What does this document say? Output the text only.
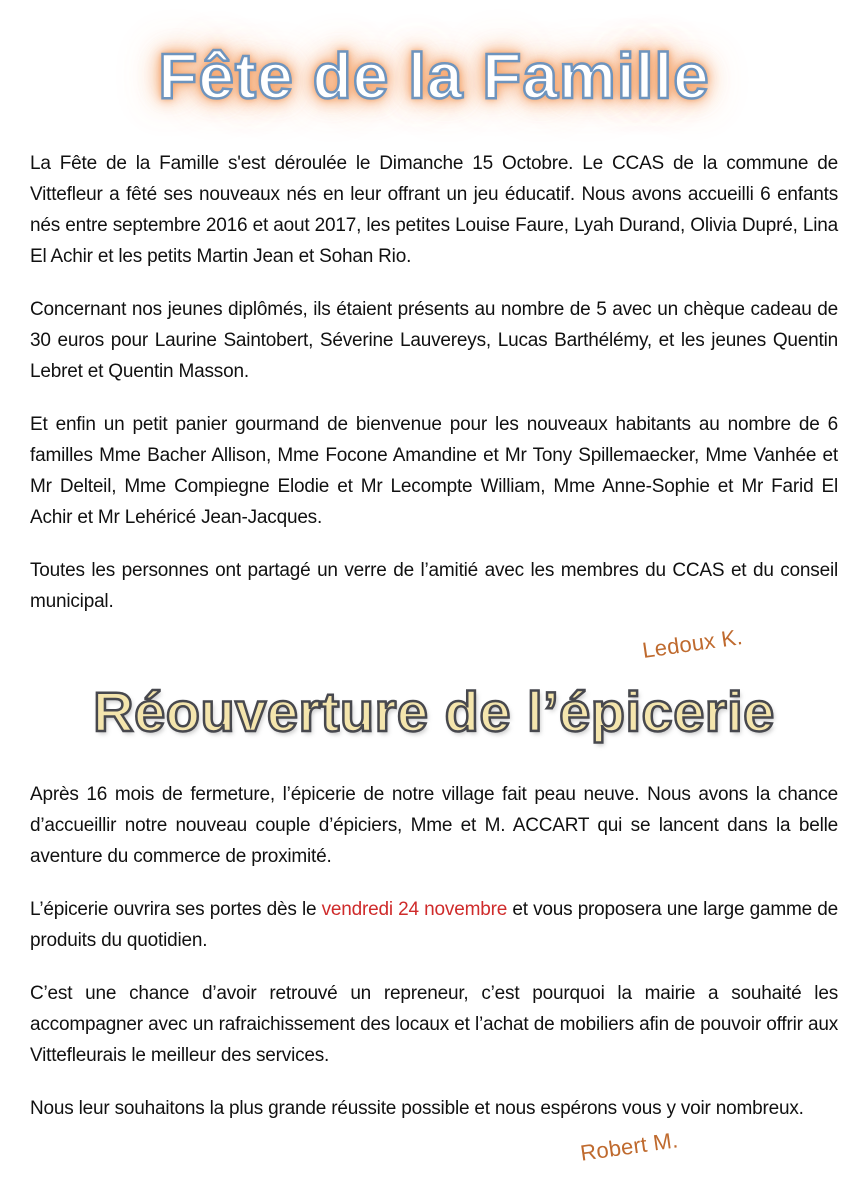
Fête de la Famille

La Fête de la Famille s'est déroulée le Dimanche 15 Octobre. Le CCAS de la commune de Vittefleur a fêté ses nouveaux nés en leur offrant un jeu éducatif. Nous avons accueilli 6 enfants nés entre septembre 2016 et aout 2017, les petites Louise Faure, Lyah Durand, Olivia Dupré, Lina El Achir et les petits Martin Jean et Sohan Rio.

Concernant nos jeunes diplômés, ils étaient présents au nombre de 5 avec un chèque cadeau de 30 euros pour Laurine Saintobert, Séverine Lauvereys, Lucas Barthélémy, et les jeunes Quentin Lebret et Quentin Masson.

Et enfin un petit panier gourmand de bienvenue pour les nouveaux habitants au nombre de 6 familles Mme Bacher Allison, Mme Focone Amandine et Mr Tony Spillemaecker, Mme Vanhée et Mr Delteil, Mme Compiegne Elodie et Mr Lecompte William, Mme Anne-Sophie et Mr Farid El Achir et Mr Lehéricé Jean-Jacques.

Toutes les personnes ont partagé un verre de l’amitié avec les membres du CCAS et du conseil municipal.

Ledoux K.
Réouverture de l’épicerie

Après 16 mois de fermeture, l’épicerie de notre village fait peau neuve. Nous avons la chance d’accueillir notre nouveau couple d’épiciers, Mme et M. ACCART qui se lancent dans la belle aventure du commerce de proximité.

L’épicerie ouvrira ses portes dès le vendredi 24 novembre et vous proposera une large gamme de produits du quotidien.

C’est une chance d’avoir retrouvé un repreneur, c’est pourquoi la mairie a souhaité les accompagner avec un rafraichissement des locaux et l’achat de mobiliers afin de pouvoir offrir aux Vittefleurais le meilleur des services.

Nous leur souhaitons la plus grande réussite possible et nous espérons vous y voir nombreux.

Robert M.
